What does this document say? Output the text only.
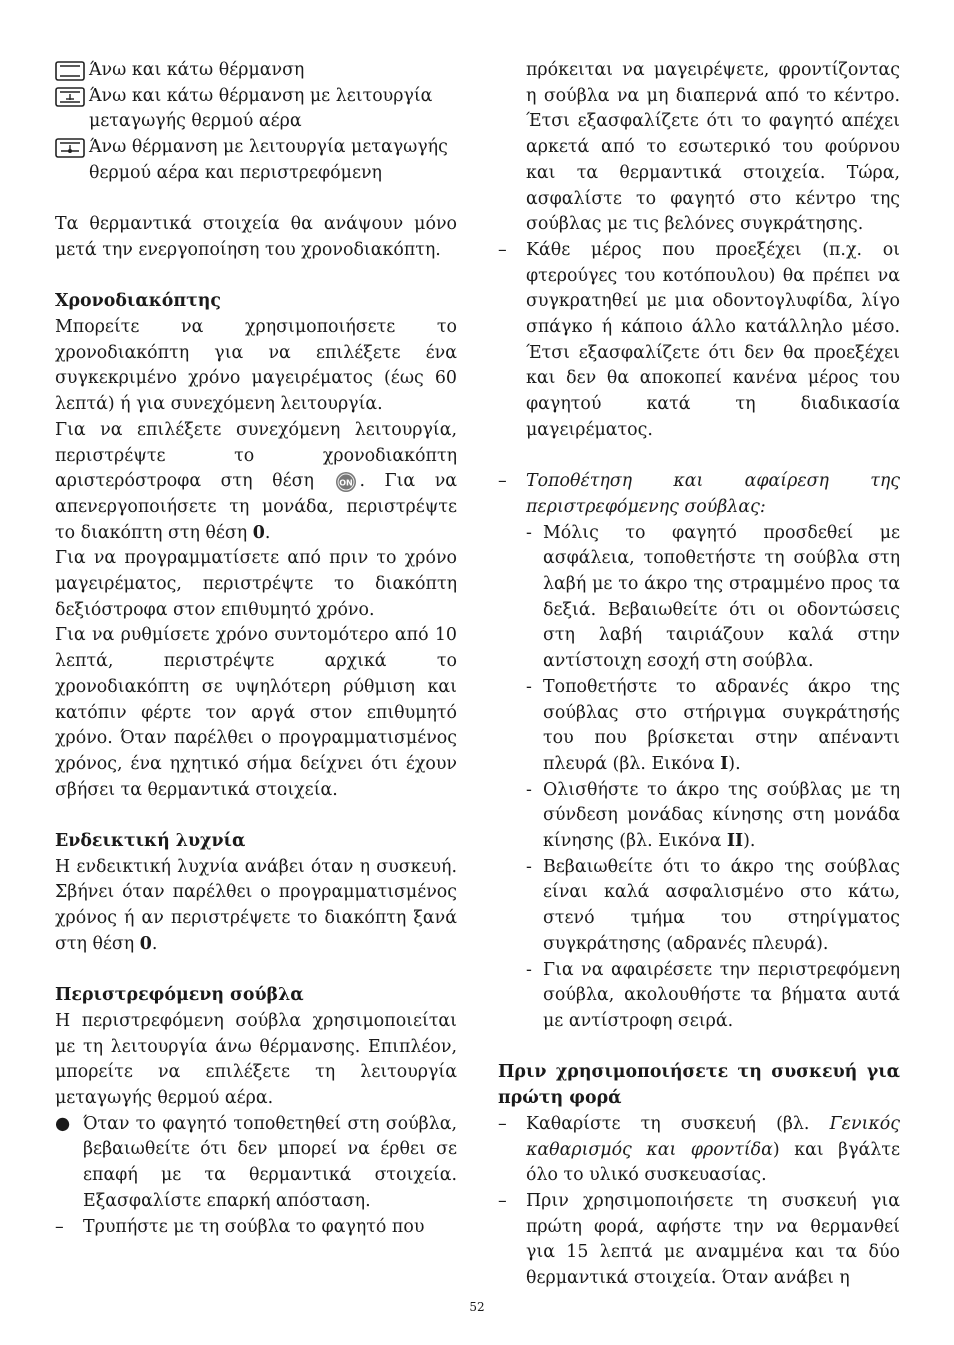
Άνω και κάτω θέρμανση
Άνω και κάτω θέρμανση με λειτουργία μεταγωγής θερμού αέρα
Άνω θέρμανση με λειτουργία μεταγωγής θερμού αέρα και περιστρεφόμενη

Τα θερμαντικά στοιχεία θα ανάψουν μόνο μετά την ενεργοποίηση του χρονοδιακόπτη.

Χρονοδιακόπτης

Μπορείτε να χρησιμοποιήσετε το χρονοδιακόπτη για να επιλέξετε ένα συγκεκριμένο χρόνο μαγειρέματος (έως 60 λεπτά) ή για συνεχόμενη λειτουργία.

Για να επιλέξετε συνεχόμενη λειτουργία, περιστρέψτε το χρονοδιακόπτη αριστερόστροφα στη θέση	ON . Για να απενεργοποιήσετε τη μονάδα, περιστρέψτε το διακόπτη στη θέση 0.

Για να προγραμματίσετε από πριν το χρόνο μαγειρέματος, περιστρέψτε το διακόπτη δεξιόστροφα στον επιθυμητό χρόνο.

Για να ρυθμίσετε χρόνο συντομότερο από 10 λεπτά, περιστρέψτε αρχικά το χρονοδιακόπτη σε υψηλότερη ρύθμιση και κατόπιν φέρτε τον αργά στον επιθυμητό χρόνο. Όταν παρέλθει ο προγραμματισμένος χρόνος, ένα ηχητικό σήμα δείχνει ότι έχουν σβήσει τα θερμαντικά στοιχεία.

Ενδεικτική λυχνία

Η ενδεικτική λυχνία ανάβει όταν η συσκευή. Σβήνει όταν παρέλθει ο προγραμματισμένος χρόνος ή αν περιστρέψετε το διακόπτη ξανά στη θέση 0.

Περιστρεφόμενη σούβλα

Η περιστρεφόμενη σούβλα χρησιμοποιείται με τη λειτουργία άνω θέρμανσης. Επιπλέον, μπορείτε να επιλέξετε τη λειτουργία μεταγωγής θερμού αέρα.

● Όταν το φαγητό τοποθετηθεί στη σούβλα, βεβαιωθείτε ότι δεν μπορεί να έρθει σε επαφή με τα θερμαντικά στοιχεία. Εξασφαλίστε επαρκή απόσταση.
–	Τρυπήστε με τη σούβλα το φαγητό που

πρόκειται να μαγειρέψετε, φροντίζοντας η σούβλα να μη διαπερνά από το κέντρο. Έτσι εξασφαλίζετε ότι το φαγητό απέχει αρκετά από το εσωτερικό του φούρνου και τα θερμαντικά στοιχεία. Τώρα, ασφαλίστε το φαγητό στο κέντρο της σούβλας με τις βελόνες συγκράτησης.

–	Κάθε μέρος που προεξέχει (π.χ. οι φτερούγες του κοτόπουλου) θα πρέπει να συγκρατηθεί με μια οδοντογλυφίδα, λίγο σπάγκο ή κάποιο άλλο κατάλληλο μέσο. Έτσι εξασφαλίζετε ότι δεν θα προεξέχει και δεν θα αποκοπεί κανένα μέρος του φαγητού κατά τη διαδικασία μαγειρέματος.
–	Τοποθέτηση και αφαίρεση της περιστρεφόμενης σούβλας:
- Μόλις το φαγητό προσδεθεί με ασφάλεια, τοποθετήστε τη σούβλα στη λαβή με το άκρο της στραμμένο προς τα δεξιά. Βεβαιωθείτε ότι οι οδοντώσεις στη λαβή ταιριάζουν καλά στην αντίστοιχη εσοχή στη σούβλα.
- Τοποθετήστε το αδρανές άκρο της σούβλας στο στήριγμα συγκράτησής του που βρίσκεται στην απέναντι πλευρά (βλ. Εικόνα I).
- Ολισθήστε το άκρο της σούβλας με τη σύνδεση μονάδας κίνησης στη μονάδα κίνησης (βλ. Εικόνα II).
- Βεβαιωθείτε ότι το άκρο της σούβλας είναι καλά ασφαλισμένο στο κάτω, στενό τμήμα του στηρίγματος συγκράτησης (αδρανές πλευρά).
- Για να αφαιρέσετε την περιστρεφόμενη σούβλα, ακολουθήστε τα βήματα αυτά με αντίστροφη σειρά.

Πριν χρησιμοποιήσετε τη συσκευή για πρώτη φορά

–	Καθαρίστε τη συσκευή (βλ. Γενικός καθαρισμός και φροντίδα) και βγάλτε όλο το υλικό συσκευασίας.
–	Πριν χρησιμοποιήσετε τη συσκευή για πρώτη φορά, αφήστε την να θερμανθεί για 15 λεπτά με αναμμένα και τα δύο θερμαντικά στοιχεία. Όταν ανάβει η
52
